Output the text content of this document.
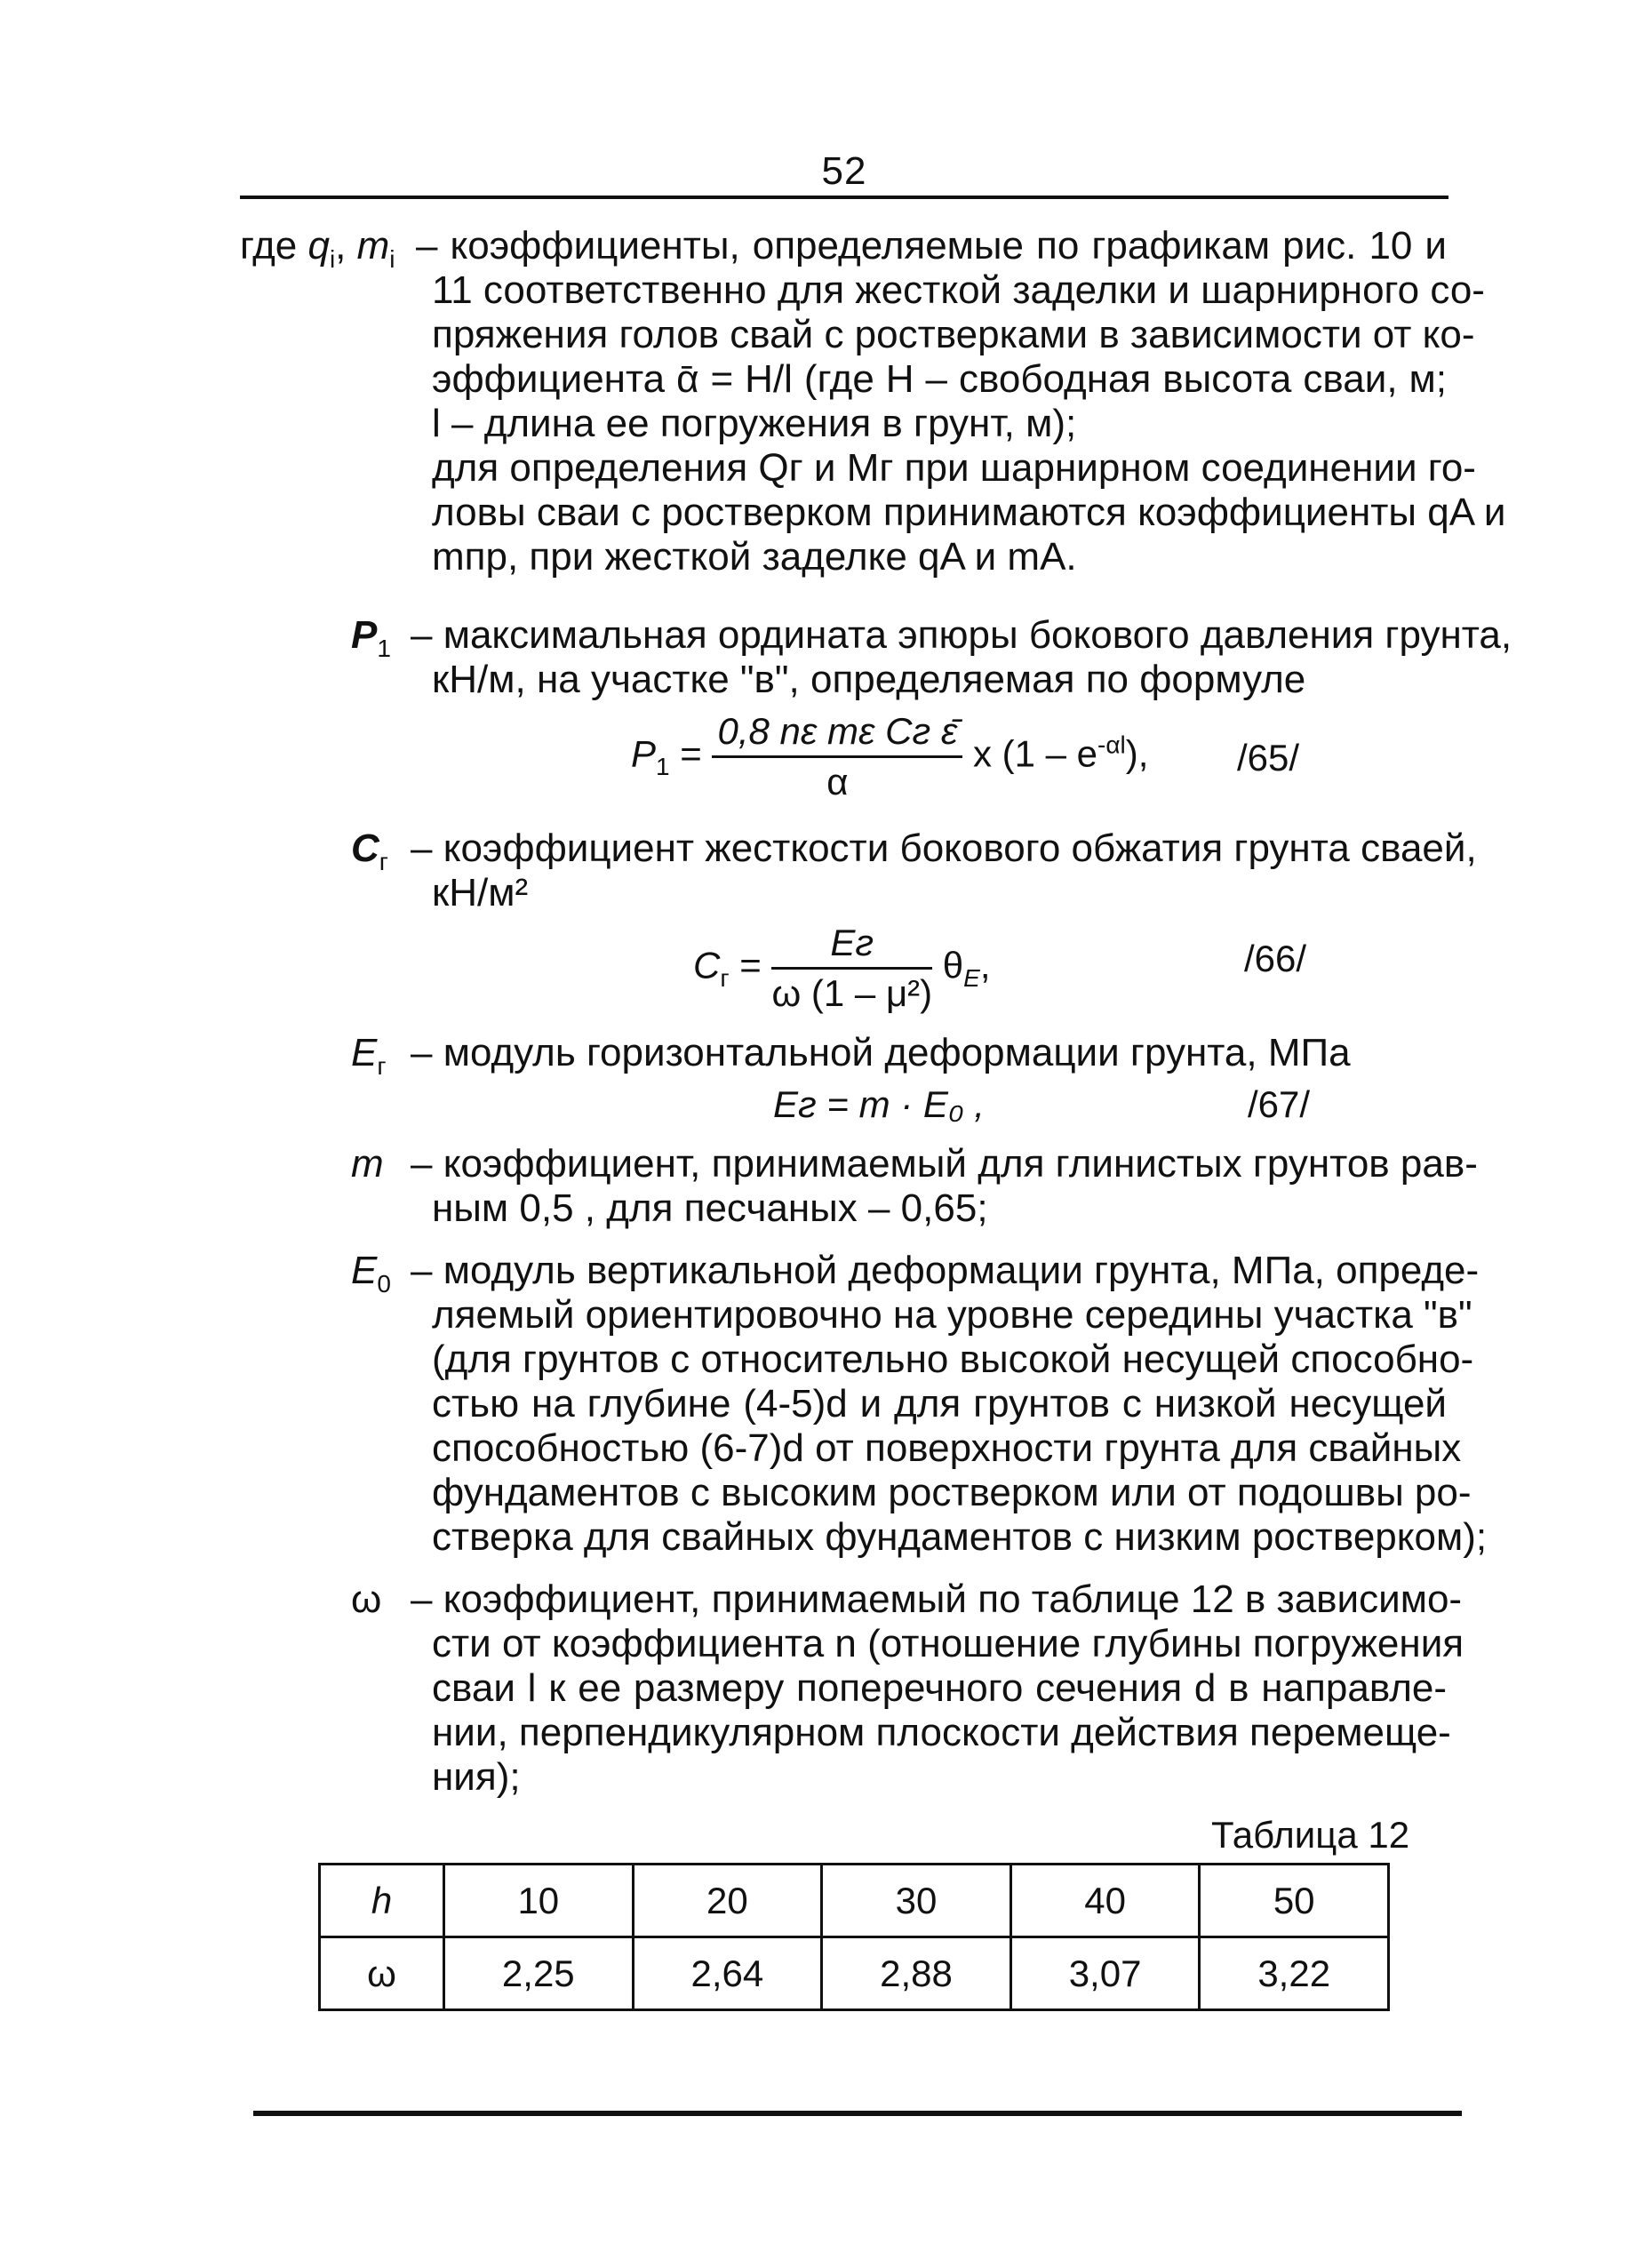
52
где $q_i$, $m_i$ – коэффициенты, определяемые по графикам рис. 10 и
11 соответственно для жесткой заделки и шарнирного со-
пряжения голов свай с ростверками в зависимости от ко-
эффициента ᾱ = H/l (где H – свободная высота сваи, м;
l – длина ее погружения в грунт, м);
для определения Qг и Mг при шарнирном соединении го-
ловы сваи с ростверком принимаются коэффициенты qA и
mпр, при жесткой заделке qA и mA.
$P_1$ – максимальная ордината эпюры бокового давления грунта,
кН/м, на участке "в", определяемая по формуле
$P_1 = \frac{\text{0,8 nε mε Cг ε̄}}{\alpha}$ x $(1 - e^{-\alpha l})$, /65/
$C_г$ – коэффициент жесткости бокового обжатия грунта сваей,
кН/м²
$C_г = \frac{Eг}{\text{ω (1 – μ²)}} \theta_E$,	/66/
$E_г$ – модуль горизонтальной деформации грунта, МПа
Eг = m · E₀ ,	/67/
m – коэффициент, принимаемый для глинистых грунтов рав-
ным 0,5 , для песчаных – 0,65;
$E_0$ – модуль вертикальной деформации грунта, МПа, опреде-
ляемый ориентировочно на уровне середины участка "в"
(для грунтов с относительно высокой несущей способно-
стью на глубине (4-5)d и для грунтов с низкой несущей
способностью (6-7)d от поверхности грунта для свайных
фундаментов с высоким ростверком или от подошвы ро-
стверка для свайных фундаментов с низким ростверком);
ω – коэффициент, принимаемый по таблице 12 в зависимо-
сти от коэффициента n (отношение глубины погружения
сваи l к ее размеру поперечного сечения d в направле-
нии, перпендикулярном плоскости действия перемеще-
ния);
Таблица 12
h	10	20	30	40	50
ω	2,25	2,64	2,88	3,07	3,22
